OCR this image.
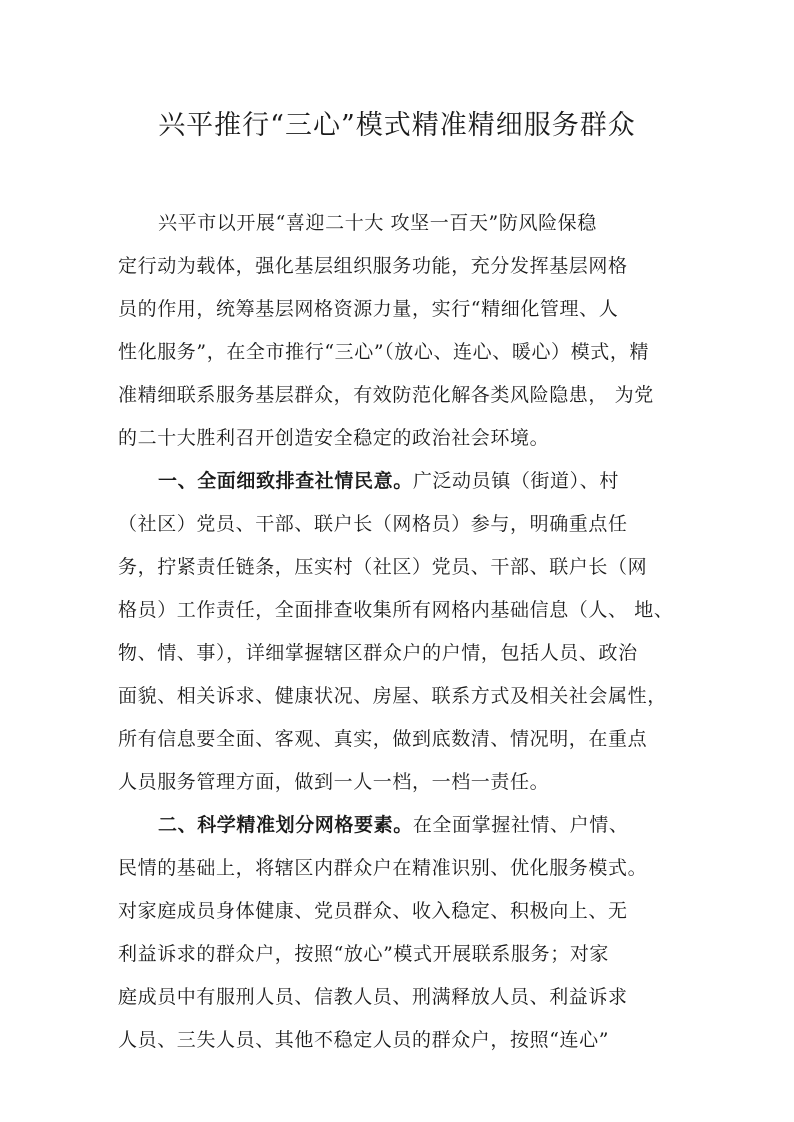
兴平推行“三心”模式精准精细服务群众
兴平市以开展“喜迎二十大 攻坚一百天”防风险保稳
定行动为载体，强化基层组织服务功能，充分发挥基层网格
员的作用，统筹基层网格资源力量，实行“精细化管理、人
性化服务”，在全市推行“三心”（放心、连心、暖心）模式，精
准精细联系服务基层群众，有效防范化解各类风险隐患， 为党
的二十大胜利召开创造安全稳定的政治社会环境。
一、全面细致排查社情民意。广泛动员镇（街道）、村
（社区）党员、干部、联户长（网格员）参与，明确重点任
务，拧紧责任链条，压实村（社区）党员、干部、联户长（网
格员）工作责任，全面排查收集所有网格内基础信息（人、 地、
物、情、事），详细掌握辖区群众户的户情，包括人员、政治
面貌、相关诉求、健康状况、房屋、联系方式及相关社会属性，
所有信息要全面、客观、真实，做到底数清、情况明，在重点
人员服务管理方面，做到一人一档，一档一责任。
二、科学精准划分网格要素。在全面掌握社情、户情、
民情的基础上，将辖区内群众户在精准识别、优化服务模式。
对家庭成员身体健康、党员群众、收入稳定、积极向上、无
利益诉求的群众户，按照“放心”模式开展联系服务；对家
庭成员中有服刑人员、信教人员、刑满释放人员、利益诉求
人员、三失人员、其他不稳定人员的群众户，按照“连心”
